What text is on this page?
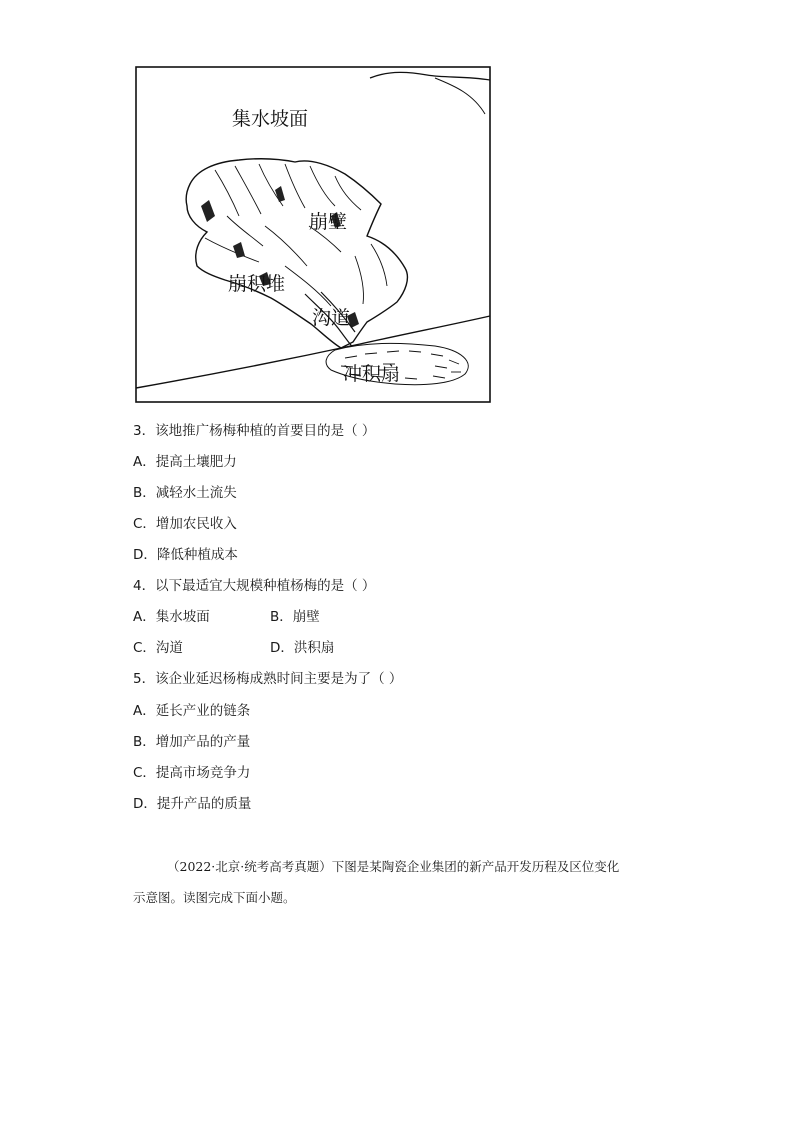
集水坡面
崩壁
崩积堆
沟道
冲积扇
3．该地推广杨梅种植的首要目的是（ ）
A．提高土壤肥力
B．减轻水土流失
C．增加农民收入
D．降低种植成本
4．以下最适宜大规模种植杨梅的是（ ）
A．集水坡面	B．崩壁
C．沟道	D．洪积扇
5．该企业延迟杨梅成熟时间主要是为了（ ）
A．延长产业的链条
B．增加产品的产量
C．提高市场竞争力
D．提升产品的质量
（2022·北京·统考高考真题）下图是某陶瓷企业集团的新产品开发历程及区位变化
示意图。读图完成下面小题。
